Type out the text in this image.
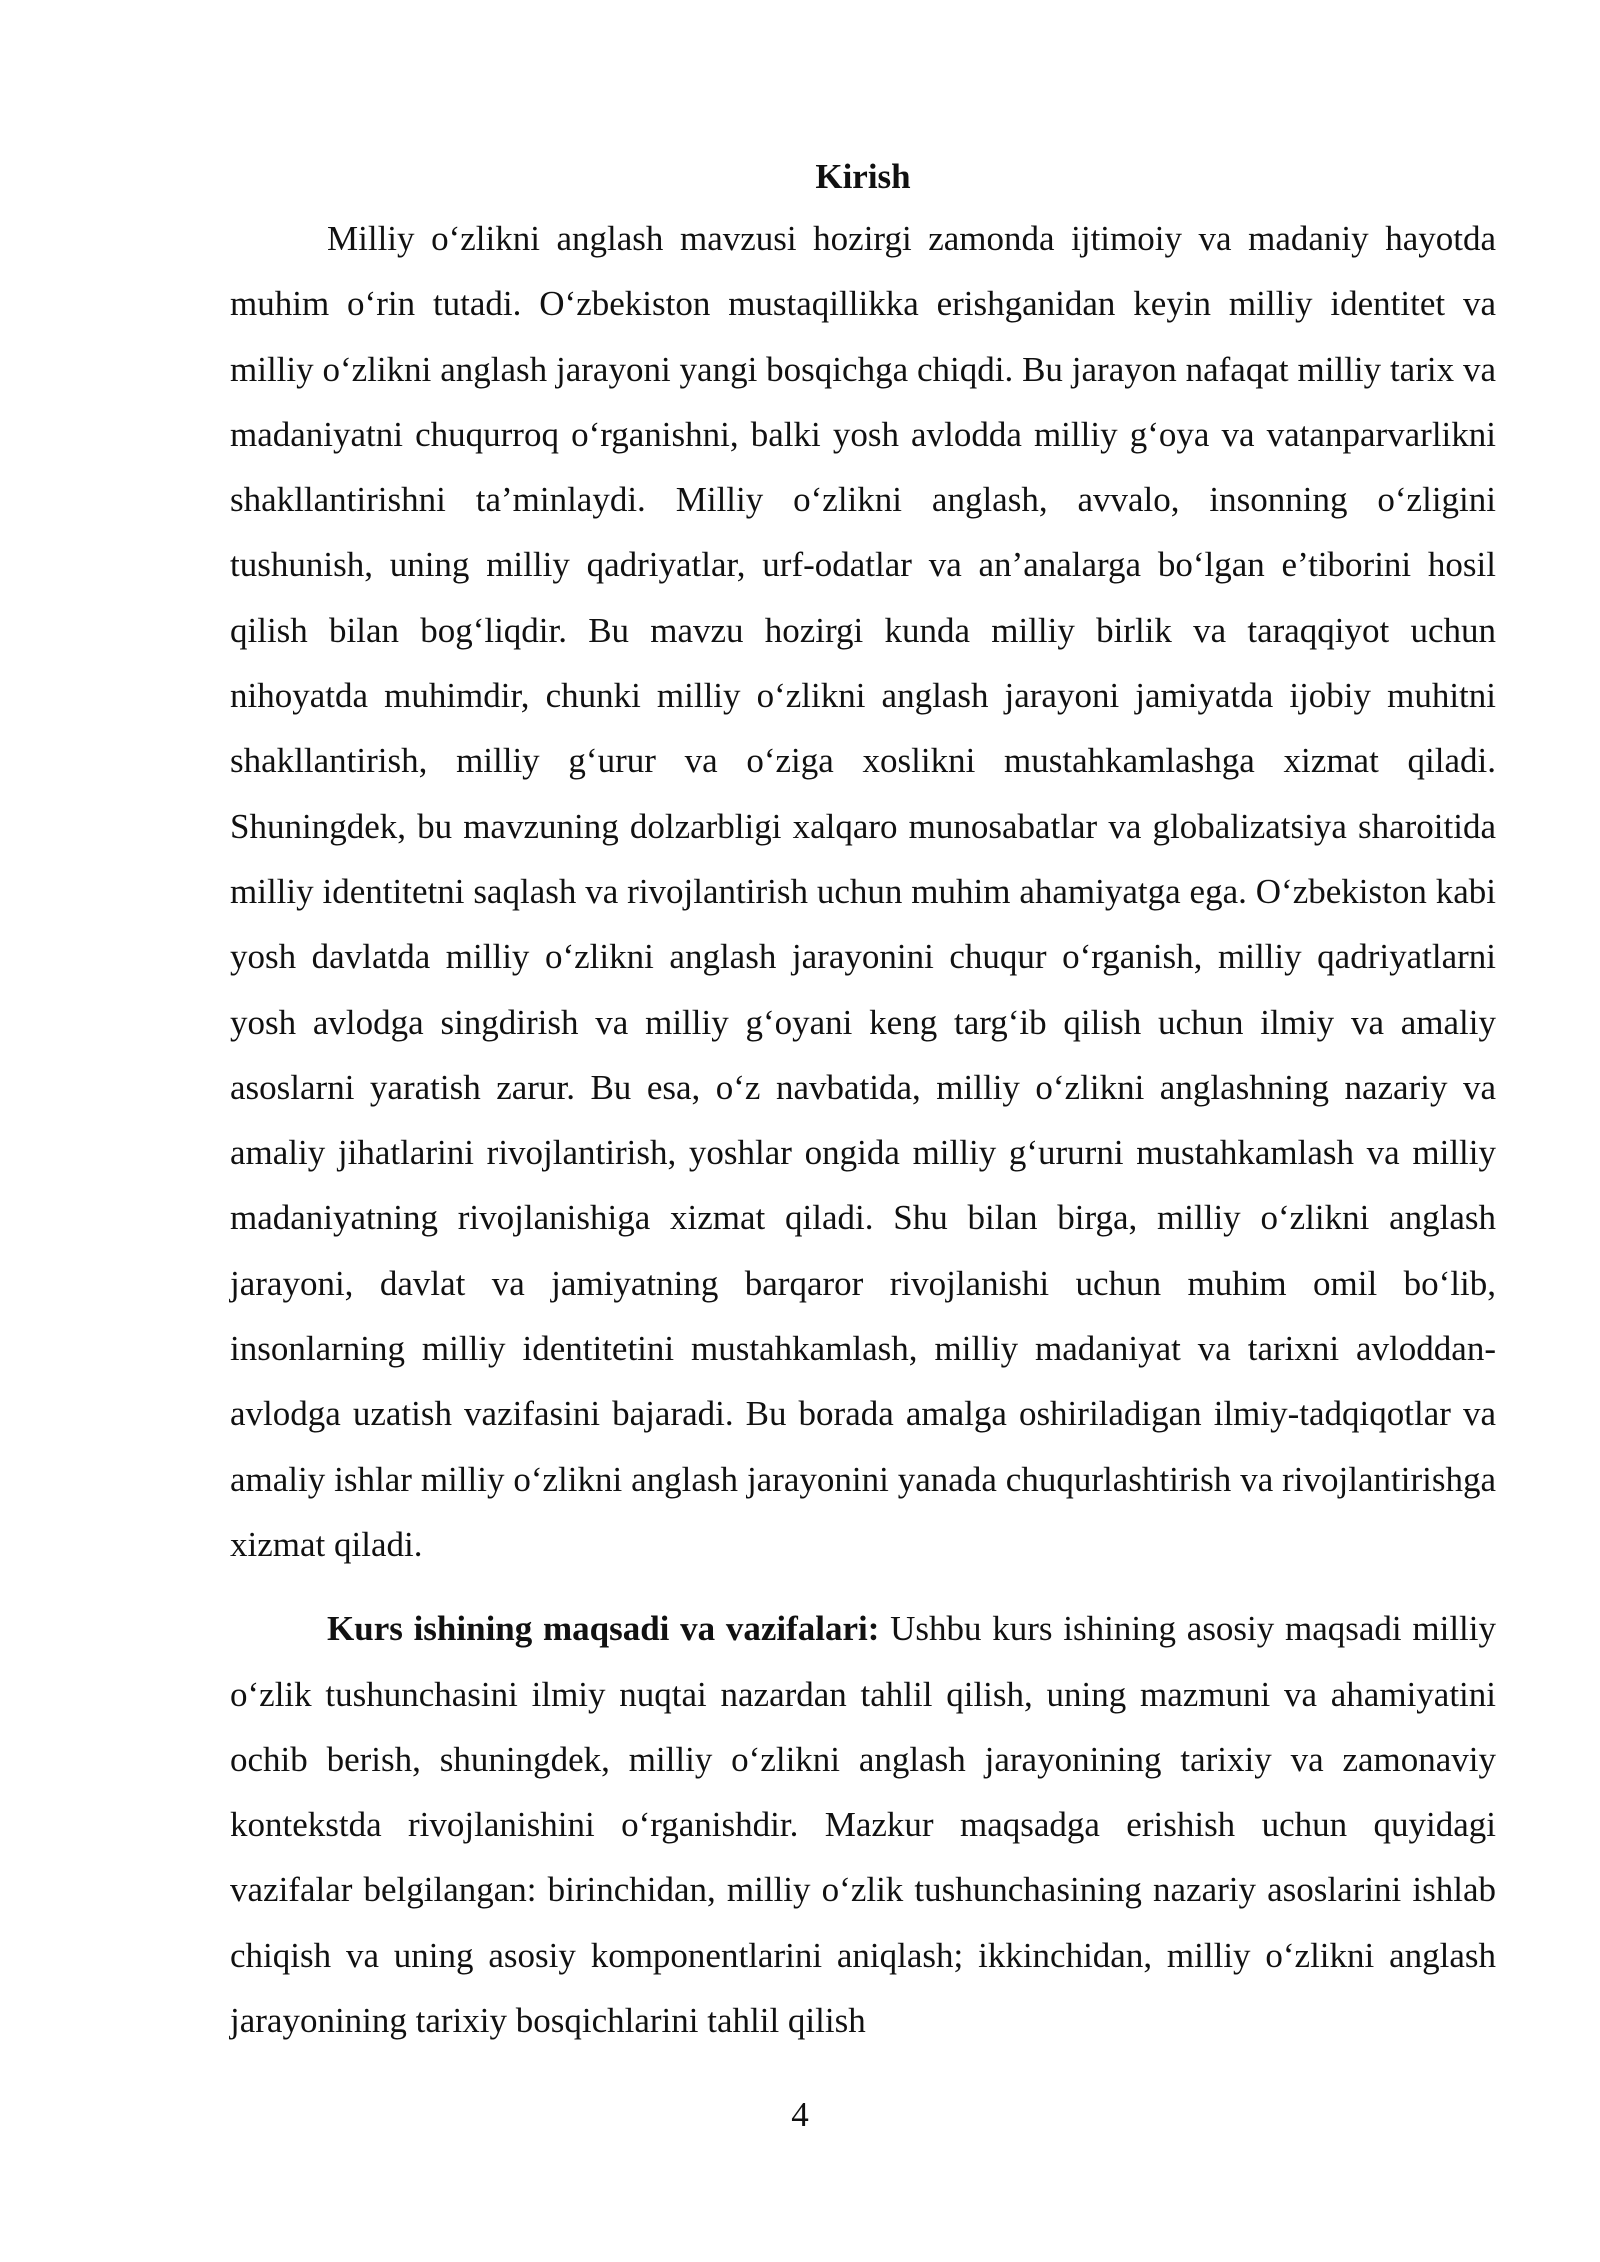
Kirish

Milliy o‘zlikni anglash mavzusi hozirgi zamonda ijtimoiy va madaniy hayotda muhim o‘rin tutadi. O‘zbekiston mustaqillikka erishganidan keyin milliy identitet va milliy o‘zlikni anglash jarayoni yangi bosqichga chiqdi. Bu jarayon nafaqat milliy tarix va madaniyatni chuqurroq o‘rganishni, balki yosh avlodda milliy g‘oya va vatanparvarlikni shakllantirishni ta’minlaydi. Milliy o‘zlikni anglash, avvalo, insonning o‘zligini tushunish, uning milliy qadriyatlar, urf-odatlar va an’analarga bo‘lgan e’tiborini hosil qilish bilan bog‘liqdir. Bu mavzu hozirgi kunda milliy birlik va taraqqiyot uchun nihoyatda muhimdir, chunki milliy o‘zlikni anglash jarayoni jamiyatda ijobiy muhitni shakllantirish, milliy g‘urur va o‘ziga xoslikni mustahkamlashga xizmat qiladi. Shuningdek, bu mavzuning dolzarbligi xalqaro munosabatlar va globalizatsiya sharoitida milliy identitetni saqlash va rivojlantirish uchun muhim ahamiyatga ega. O‘zbekiston kabi yosh davlatda milliy o‘zlikni anglash jarayonini chuqur o‘rganish, milliy qadriyatlarni yosh avlodga singdirish va milliy g‘oyani keng targ‘ib qilish uchun ilmiy va amaliy asoslarni yaratish zarur. Bu esa, o‘z navbatida, milliy o‘zlikni anglashning nazariy va amaliy jihatlarini rivojlantirish, yoshlar ongida milliy g‘ururni mustahkamlash va milliy madaniyatning rivojlanishiga xizmat qiladi. Shu bilan birga, milliy o‘zlikni anglash jarayoni, davlat va jamiyatning barqaror rivojlanishi uchun muhim omil bo‘lib, insonlarning milliy identitetini mustahkamlash, milliy madaniyat va tarixni avloddan-avlodga uzatish vazifasini bajaradi. Bu borada amalga oshiriladigan ilmiy-tadqiqotlar va amaliy ishlar milliy o‘zlikni anglash jarayonini yanada chuqurlashtirish va rivojlantirishga xizmat qiladi.

Kurs ishining maqsadi va vazifalari: Ushbu kurs ishining asosiy maqsadi milliy o‘zlik tushunchasini ilmiy nuqtai nazardan tahlil qilish, uning mazmuni va ahamiyatini ochib berish, shuningdek, milliy o‘zlikni anglash jarayonining tarixiy va zamonaviy kontekstda rivojlanishini o‘rganishdir. Mazkur maqsadga erishish uchun quyidagi vazifalar belgilangan: birinchidan, milliy o‘zlik tushunchasining nazariy asoslarini ishlab chiqish va uning asosiy komponentlarini aniqlash; ikkinchidan, milliy o‘zlikni anglash jarayonining tarixiy bosqichlarini tahlil qilish

4
